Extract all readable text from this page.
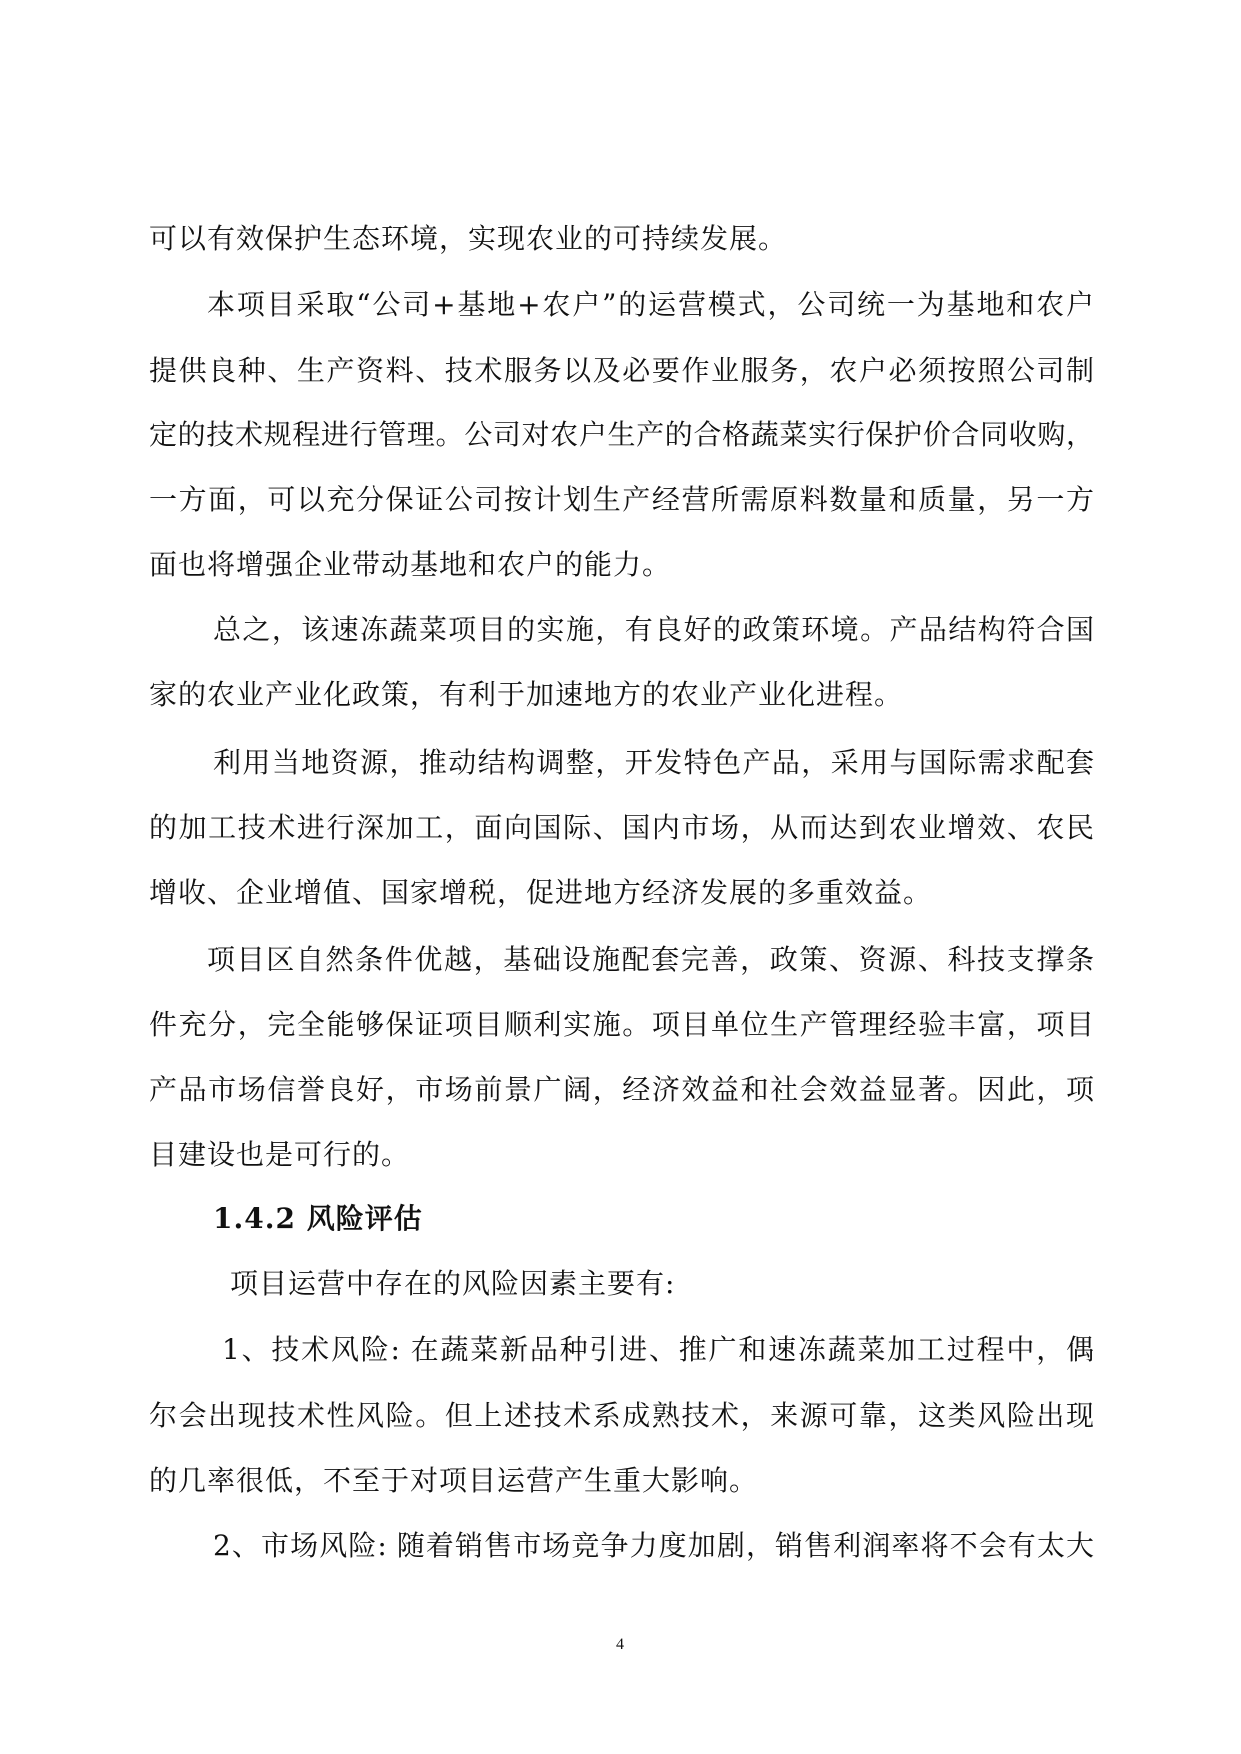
可以有效保护生态环境，实现农业的可持续发展。
本项目采取“公司+基地+农户”的运营模式，公司统一为基地和农户
提供良种、生产资料、技术服务以及必要作业服务，农户必须按照公司制
定的技术规程进行管理。公司对农户生产的合格蔬菜实行保护价合同收购，
一方面，可以充分保证公司按计划生产经营所需原料数量和质量，另一方
面也将增强企业带动基地和农户的能力。
总之，该速冻蔬菜项目的实施，有良好的政策环境。产品结构符合国
家的农业产业化政策，有利于加速地方的农业产业化进程。
利用当地资源，推动结构调整，开发特色产品，采用与国际需求配套
的加工技术进行深加工，面向国际、国内市场，从而达到农业增效、农民
增收、企业增值、国家增税，促进地方经济发展的多重效益。
项目区自然条件优越，基础设施配套完善，政策、资源、科技支撑条
件充分，完全能够保证项目顺利实施。项目单位生产管理经验丰富，项目
产品市场信誉良好，市场前景广阔，经济效益和社会效益显著。因此，项
目建设也是可行的。
1.4.2 风险评估
项目运营中存在的风险因素主要有:
1、技术风险: 在蔬菜新品种引进、推广和速冻蔬菜加工过程中，偶
尔会出现技术性风险。但上述技术系成熟技术，来源可靠，这类风险出现
的几率很低，不至于对项目运营产生重大影响。
2、市场风险: 随着销售市场竞争力度加剧，销售利润率将不会有太大
4
